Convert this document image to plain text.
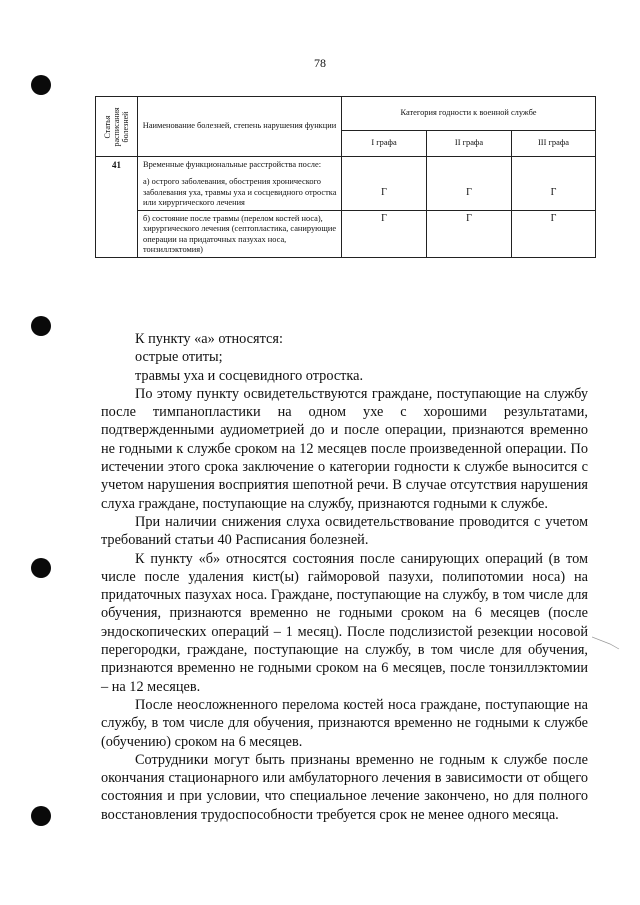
78
Статья
расписания
болезней	Наименование болезней, степень нарушения функции	Категория годности к военной службе		
		I графа	II графа	III графа
41	Временные функциональные расстройства после:

а) острого заболевания, обострения хронического заболевания уха, травмы уха и сосцевидного отростка или хирургического лечения	Г	Г	Г
	б) состояние после травмы (перелом костей носа), хирургического лечения (септопластика, санирующие операции на придаточных пазухах носа, тонзиллэктомия)	Г	Г	Г

К пункту «а» относятся:

острые отиты;

травмы уха и сосцевидного отростка.

По этому пункту освидетельствуются граждане, поступающие на службу после тимпанопластики на одном ухе с хорошими результатами, подтвержденными аудиометрией до и после операции, признаются временно не годными к службе сроком на 12 месяцев после произведенной операции. По истечении этого срока заключение о категории годности к службе выносится с учетом нарушения восприятия шепотной речи. В случае отсутствия нарушения слуха граждане, поступающие на службу, признаются годными к службе.

При наличии снижения слуха освидетельствование проводится с учетом требований статьи 40 Расписания болезней.

К пункту «б» относятся состояния после санирующих операций (в том числе после удаления кист(ы) гайморовой пазухи, полипотомии носа) на придаточных пазухах носа. Граждане, поступающие на службу, в том числе для обучения, признаются временно не годными сроком на 6 месяцев (после эндоскопических операций – 1 месяц). После подслизистой резекции носовой перегородки, граждане, поступающие на службу, в том числе для обучения, признаются временно не годными сроком на 6 месяцев, после тонзиллэктомии – на 12 месяцев.

После неосложненного перелома костей носа граждане, поступающие на службу, в том числе для обучения, признаются временно не годными к службе (обучению) сроком на 6 месяцев.

Сотрудники могут быть признаны временно не годным к службе после окончания стационарного или амбулаторного лечения в зависимости от общего состояния и при условии, что специальное лечение закончено, но для полного восстановления трудоспособности требуется срок не менее одного месяца.
